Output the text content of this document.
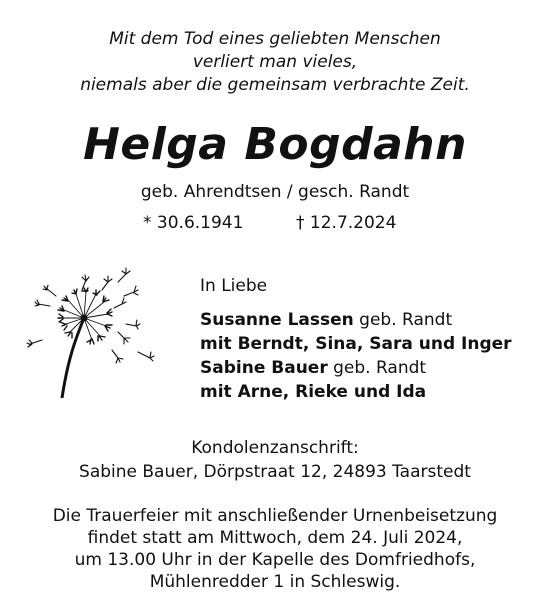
Mit dem Tod eines geliebten Menschen
verliert man vieles,
niemals aber die gemeinsam verbrachte Zeit.
Helga Bogdahn
geb. Ahrendtsen / gesch. Randt
* 30.6.1941	† 12.7.2024
In Liebe
Susanne Lassen geb. Randt
mit Berndt, Sina, Sara und Inger
Sabine Bauer geb. Randt
mit Arne, Rieke und Ida
Kondolenzanschrift:
Sabine Bauer, Dörpstraat 12, 24893 Taarstedt
Die Trauerfeier mit anschließender Urnenbeisetzung
findet statt am Mittwoch, dem 24. Juli 2024,
um 13.00 Uhr in der Kapelle des Domfriedhofs,
Mühlenredder 1 in Schleswig.
